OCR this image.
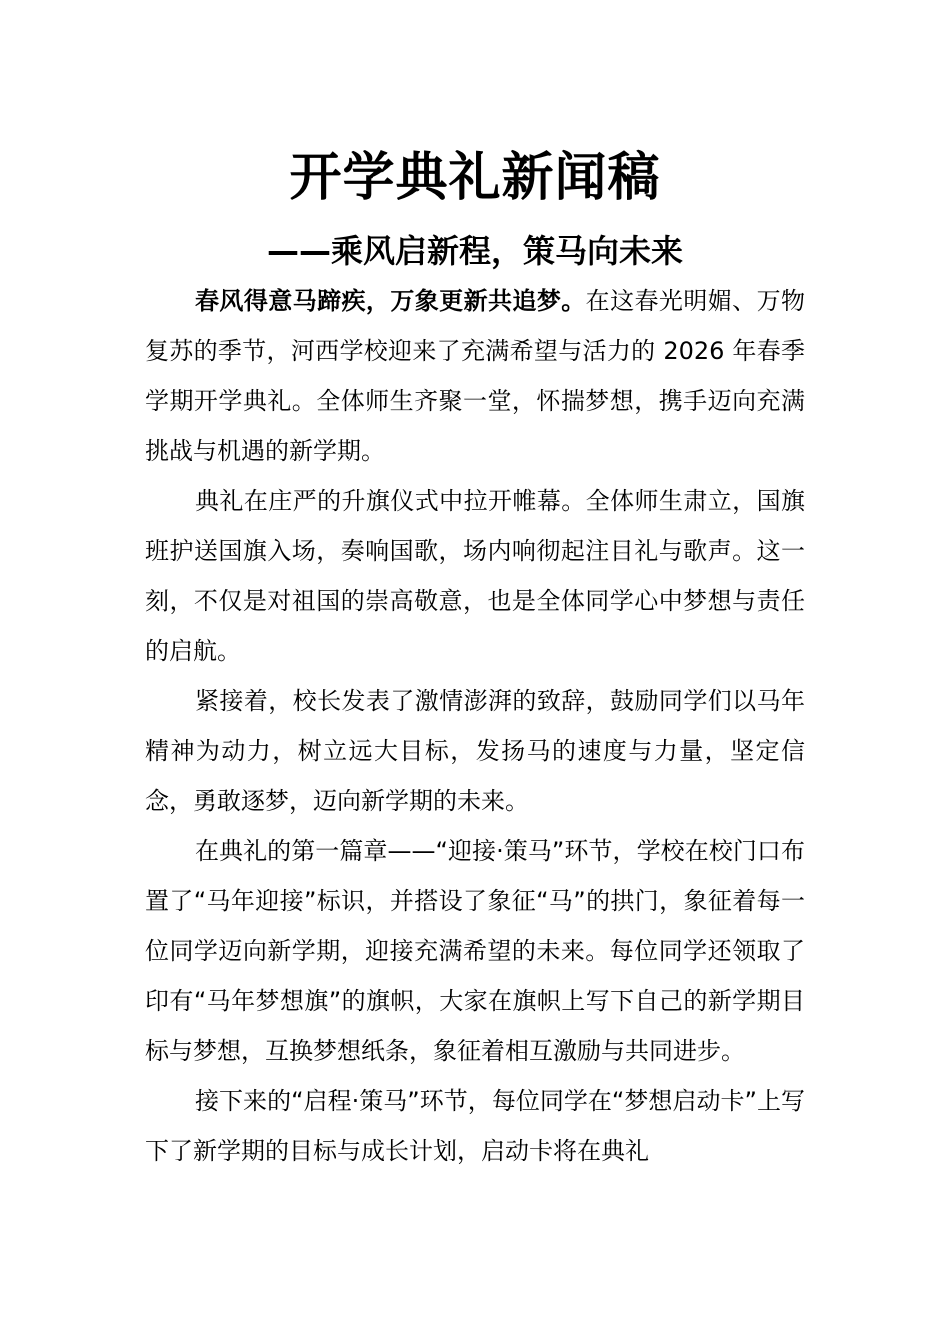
开学典礼新闻稿
——乘风启新程，策马向未来

春风得意马蹄疾，万象更新共追梦。在这春光明媚、万物复苏的季节，河西学校迎来了充满希望与活力的 2026 年春季学期开学典礼。全体师生齐聚一堂，怀揣梦想，携手迈向充满挑战与机遇的新学期。

典礼在庄严的升旗仪式中拉开帷幕。全体师生肃立，国旗班护送国旗入场，奏响国歌，场内响彻起注目礼与歌声。这一刻，不仅是对祖国的崇高敬意，也是全体同学心中梦想与责任的启航。

紧接着，校长发表了激情澎湃的致辞，鼓励同学们以马年精神为动力，树立远大目标，发扬马的速度与力量，坚定信念，勇敢逐梦，迈向新学期的未来。

在典礼的第一篇章——“迎接·策马”环节，学校在校门口布置了“马年迎接”标识，并搭设了象征“马”的拱门，象征着每一位同学迈向新学期，迎接充满希望的未来。每位同学还领取了印有“马年梦想旗”的旗帜，大家在旗帜上写下自己的新学期目标与梦想，互换梦想纸条，象征着相互激励与共同进步。

接下来的“启程·策马”环节，每位同学在“梦想启动卡”上写下了新学期的目标与成长计划，启动卡将在典礼
